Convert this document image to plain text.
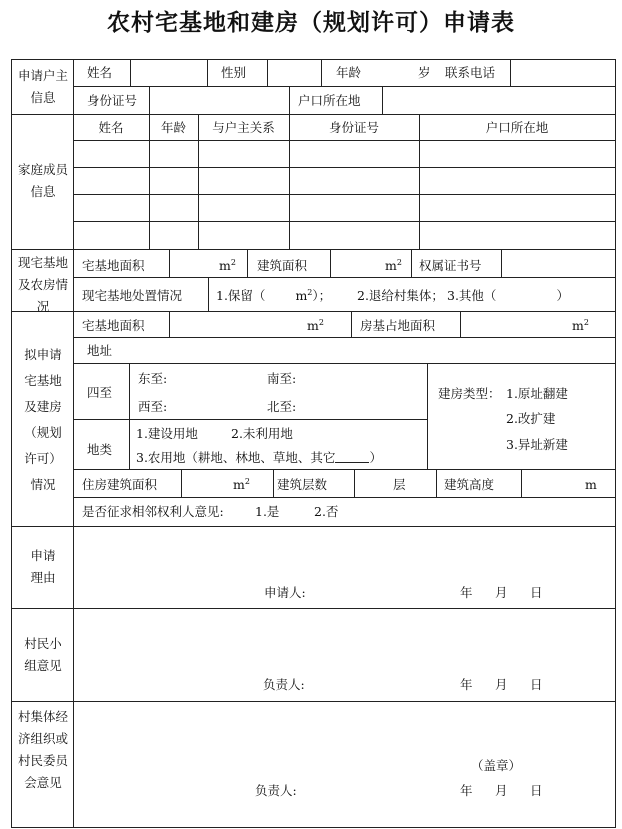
农村宅基地和建房（规划许可）申请表
申请户主信息
姓名	性别	年龄	岁 联系电话
身份证号	户口所在地
家庭成员信息
姓名	年龄	与户主关系	身份证号	户口所在地
现宅基地及农房情况
宅基地面积	$m^2$ 建筑面积	$m^2$ 权属证书号
现宅基地处置情况	1.保留（ $m^2$）； 2.退给村集体； 3.其他（	）
拟申请宅基地及建房（规划许可）情况
宅基地面积	$m^2$	房基占地面积	$m^2$
地址
四至
东至:	南至:
西至:	北至:
地类
1.建设用地	2.未利用地
3.农用地（耕地、林地、草地、其它	）
建房类型： 1.原址翻建
2.改扩建
3.异址新建
住房建筑面积	$m^2$ 建筑层数	层	建筑高度	m
是否征求相邻权利人意见:	1.是	2.否
申请理由
申请人:	年 月 日
村民小组意见
负责人:	年 月 日
村集体经济组织或村民委员会意见
（盖章）
负责人:	年 月 日
